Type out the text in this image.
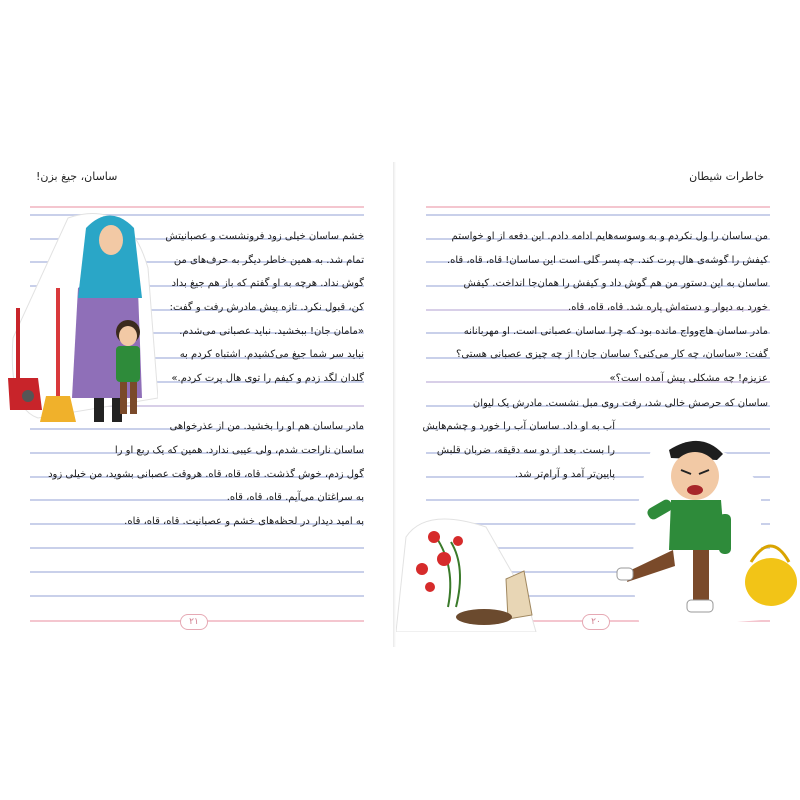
ساسان، جیغ بزن!
خشم ساسان خیلی زود فرونشست و عصبانیتش
تمام شد. به همین خاطر دیگر به حرف‌های من
گوش نداد. هرچه به او گفتم که باز هم جیغ بداد
کن، قبول نکرد. تازه پیش مادرش رفت و گفت:
«مامان جان! ببخشید. نباید عصبانی می‌شدم.
نباید سر شما جیغ می‌کشیدم. اشتباه کردم به
گلدان لگد زدم و کیفم را توی هال پرت کردم.»
مادر ساسان هم او را بخشید. من از عذرخواهی
ساسان ناراحت شدم، ولی عیبی ندارد. همین که یک ربع او را
گول زدم، خوش گذشت. قاه، قاه، قاه. هروقت عصبانی بشوید، من خیلی زود
به سراغتان می‌آیم. قاه، قاه، قاه.
به امید دیدار در لحظه‌های خشم و عصبانیت. قاه، قاه، قاه.
۲۱
خاطرات شیطان
من ساسان را ول نکردم و به وسوسه‌هایم ادامه دادم. این دفعه از او خواستم
کیفش را گوشه‌ی هال پرت کند. چه پسر گلی است این ساسان! قاه، قاه، قاه.
ساسان به این دستور من هم گوش داد و کیفش را همان‌جا انداخت. کیفش
خورد به دیوار و دسته‌اش پاره شد. قاه، قاه، قاه.
مادر ساسان هاج‌وواج مانده بود که چرا ساسان عصبانی است. او مهربانانه
گفت: «ساسان، چه کار می‌کنی؟ ساسان جان! از چه چیزی عصبانی هستی؟
عزیزم! چه مشکلی پیش آمده است؟»
ساسان که حرصش خالی شد، رفت روی مبل نشست. مادرش یک لیوان
آب به او داد. ساسان آب را خورد و چشم‌هایش
را بست. بعد از دو سه دقیقه، ضربان قلبش
پایین‌تر آمد و آرام‌تر شد.
۲۰
